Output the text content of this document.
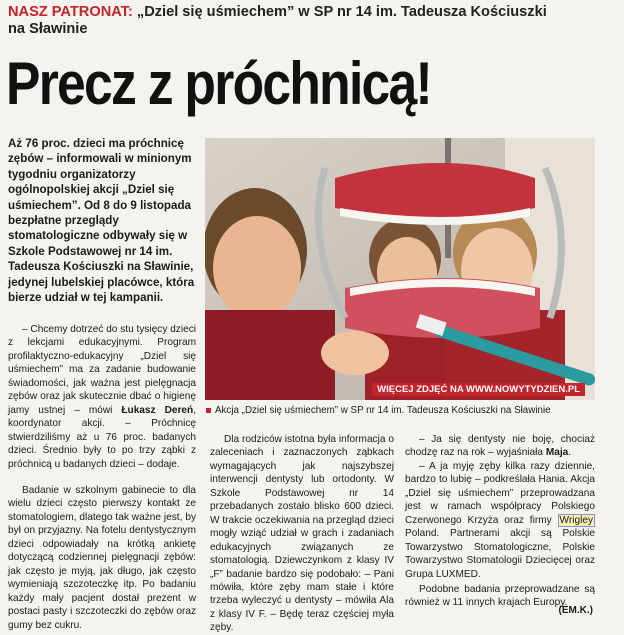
NASZ PATRONAT: „Dziel się uśmiechem” w SP nr 14 im. Tadeusza Kościuszki
na Sławinie
Precz z próchnicą!
Aż 76 proc. dzieci ma próchnicę zębów – informowali w minionym tygodniu organizatorzy ogólnopolskiej akcji „Dziel się uśmiechem”. Od 8 do 9 listopada bezpłatne przeglądy stomatologiczne odbywały się w Szkole Podstawowej nr 14 im. Tadeusza Kościuszki na Sławinie, jedynej lubelskiej placówce, która bierze udział w tej kampanii.
WIĘCEJ ZDJĘĆ NA WWW.NOWYTYDZIEN.PL
Akcja „Dziel się uśmiechem” w SP nr 14 im. Tadeusza Kościuszki na Sławinie

– Chcemy dotrzeć do stu tysięcy dzieci z lekcjami edukacyjnymi. Program profilaktyczno-edukacyjny „Dziel się uśmiechem” ma za zadanie budowanie świadomości, jak ważna jest pielęgnacja zębów oraz jak skutecznie dbać o higienę jamy ustnej – mówi Łukasz Dereń, koordynator akcji. – Próchnicę stwierdziliśmy aż u 76 proc. badanych dzieci. Średnio były to po trzy ząbki z próchnicą u badanych dzieci – dodaje.

Badanie w szkolnym gabinecie to dla wielu dzieci często pierwszy kontakt ze stomatologiem, dlatego tak ważne jest, by był on przyjazny. Na fotelu dentystycznym dzieci odpowiadały na krótką ankietę dotyczącą codziennej pielęgnacji zębów: jak często je myją, jak długo, jak często wymieniają szczoteczkę itp. Po badaniu każdy mały pacjent dostał prezent w postaci pasty i szczoteczki do zębów oraz gumy bez cukru.

Dla rodziców istotna była informacja o zaleceniach i zaznaczonych ząbkach wymagających jak najszybszej interwencji dentysty lub ortodonty. W Szkole Podstawowej nr 14 przebadanych zostało blisko 600 dzieci. W trakcie oczekiwania na przegląd dzieci mogły wziąć udział w grach i zadaniach edukacyjnych związanych ze stomatologią. Dziewczynkom z klasy IV „F” badanie bardzo się podobało: – Pani mówiła, które zęby mam stałe i które trzeba wyleczyć u dentysty – mówiła Ala z klasy IV F. – Będę teraz częściej myła zęby.

– Ja się dentysty nie boję, chociaż chodzę raz na rok – wyjaśniała Maja.

– A ja myję zęby kilka razy dziennie, bardzo to lubię – podkreślała Hania. Akcja „Dziel się uśmiechem” przeprowadzana jest w ramach współpracy Polskiego Czerwonego Krzyża oraz firmy Wrigley Poland. Partnerami akcji są Polskie Towarzystwo Stomatologiczne, Polskie Towarzystwo Stomatologii Dziecięcej oraz Grupa LUXMED.

Podobne badania przeprowadzane są również w 11 innych krajach Europy.

(EM.K.)
